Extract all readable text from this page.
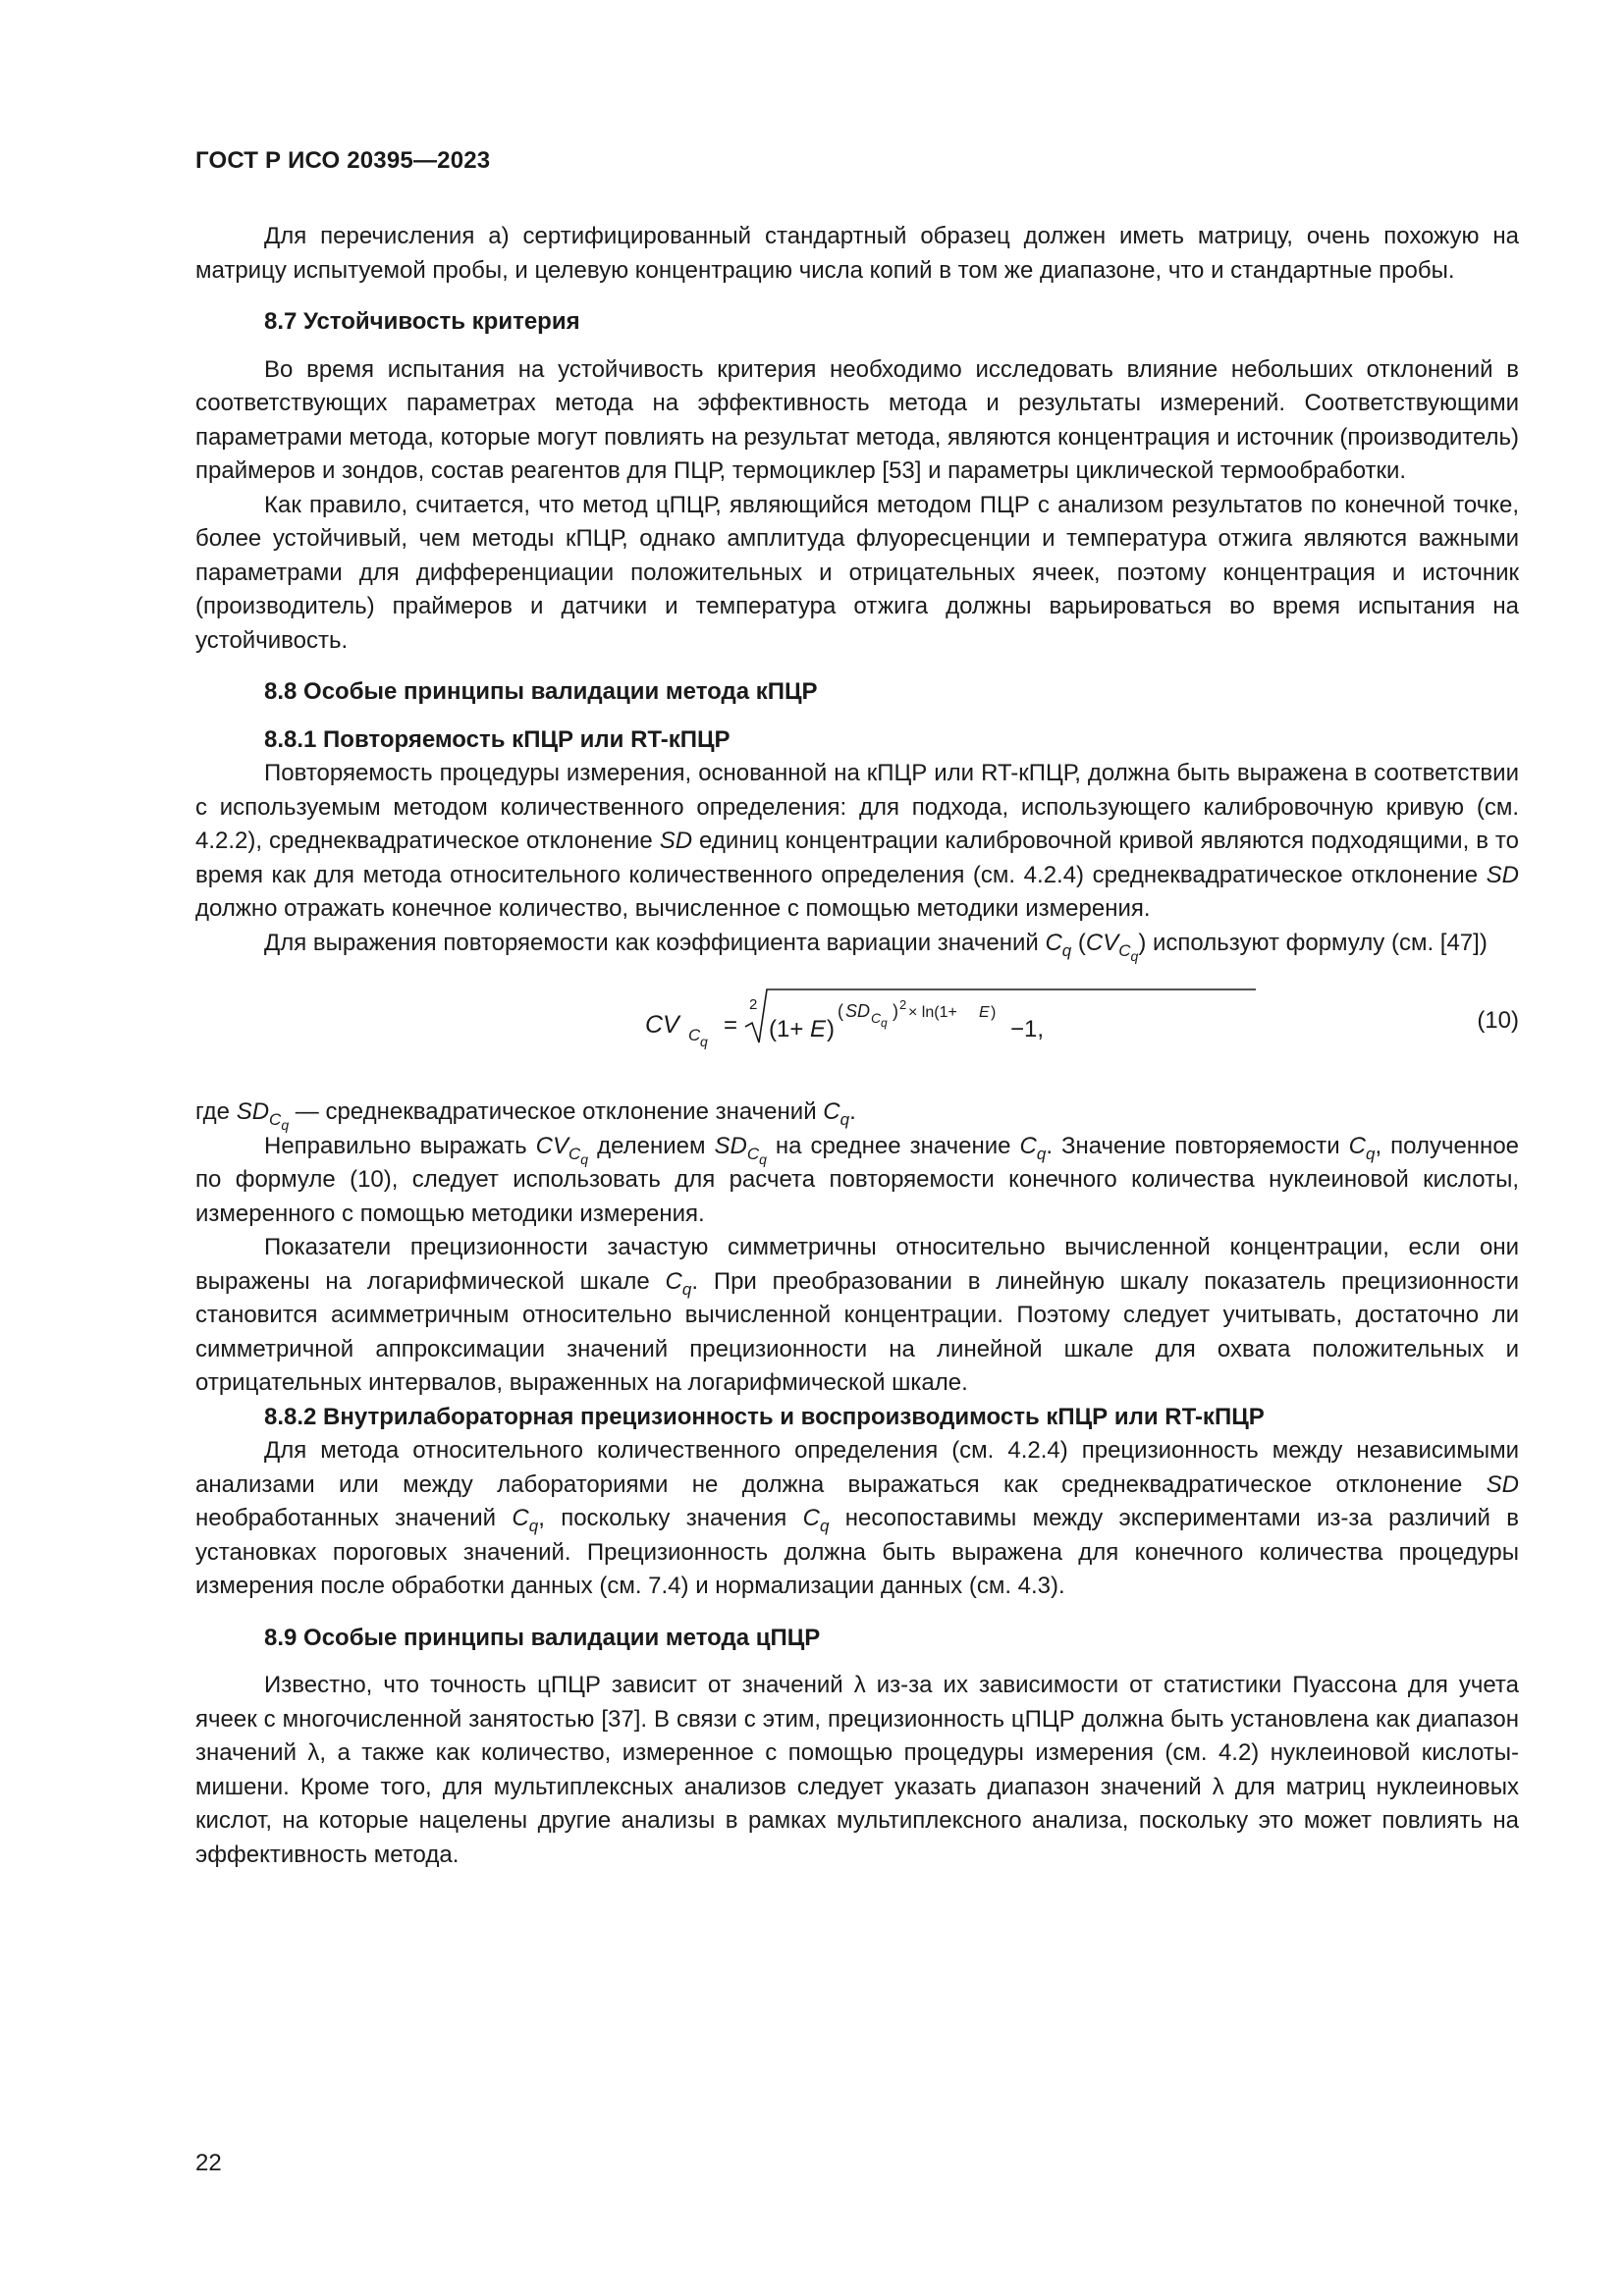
ГОСТ Р ИСО 20395—2023

Для перечисления а) сертифицированный стандартный образец должен иметь матрицу, очень похожую на матрицу испытуемой пробы, и целевую концентрацию числа копий в том же диапазоне, что и стандартные пробы.

8.7 Устойчивость критерия

Во время испытания на устойчивость критерия необходимо исследовать влияние небольших отклонений в соответствующих параметрах метода на эффективность метода и результаты измерений. Соответствующими параметрами метода, которые могут повлиять на результат метода, являются концентрация и источник (производитель) праймеров и зондов, состав реагентов для ПЦР, термоциклер [53] и параметры циклической термообработки.

Как правило, считается, что метод цПЦР, являющийся методом ПЦР с анализом результатов по конечной точке, более устойчивый, чем методы кПЦР, однако амплитуда флуоресценции и температура отжига являются важными параметрами для дифференциации положительных и отрицательных ячеек, поэтому концентрация и источник (производитель) праймеров и датчики и температура отжига должны варьироваться во время испытания на устойчивость.

8.8 Особые принципы валидации метода кПЦР
8.8.1 Повторяемость кПЦР или RT-кПЦР

Повторяемость процедуры измерения, основанной на кПЦР или RT-кПЦР, должна быть выражена в соответствии с используемым методом количественного определения: для подхода, использующего калибровочную кривую (см. 4.2.2), среднеквадратическое отклонение SD единиц концентрации калибровочной кривой являются подходящими, в то время как для метода относительного количественного определения (см. 4.2.4) среднеквадратическое отклонение SD должно отражать конечное количество, вычисленное с помощью методики измерения.

Для выражения повторяемости как коэффициента вариации значений $C_q$ $(CV_{C_q})$ используют формулу (см. [47])

CV C q
=
2
(1+ E )
( SD C q
) 2 × ln(1+ E )
−1,	(10)

где $SD_{C_q}$ — среднеквадратическое отклонение значений $C_q$.

Неправильно выражать $CV_{C_q}$ делением $SD_{C_q}$ на среднее значение $C_q$. Значение повторяемости $C_q$, полученное по формуле (10), следует использовать для расчета повторяемости конечного количества нуклеиновой кислоты, измеренного с помощью методики измерения.

Показатели прецизионности зачастую симметричны относительно вычисленной концентрации, если они выражены на логарифмической шкале $C_q$. При преобразовании в линейную шкалу показатель прецизионности становится асимметричным относительно вычисленной концентрации. Поэтому следует учитывать, достаточно ли симметричной аппроксимации значений прецизионности на линейной шкале для охвата положительных и отрицательных интервалов, выраженных на логарифмической шкале.

8.8.2 Внутрилабораторная прецизионность и воспроизводимость кПЦР или RT-кПЦР

Для метода относительного количественного определения (см. 4.2.4) прецизионность между независимыми анализами или между лабораториями не должна выражаться как среднеквадратическое отклонение SD необработанных значений $C_q$, поскольку значения $C_q$ несопоставимы между экспериментами из-за различий в установках пороговых значений. Прецизионность должна быть выражена для конечного количества процедуры измерения после обработки данных (см. 7.4) и нормализации данных (см. 4.3).

8.9 Особые принципы валидации метода цПЦР

Известно, что точность цПЦР зависит от значений λ из-за их зависимости от статистики Пуассона для учета ячеек с многочисленной занятостью [37]. В связи с этим, прецизионность цПЦР должна быть установлена как диапазон значений λ, а также как количество, измеренное с помощью процедуры измерения (см. 4.2) нуклеиновой кислоты-мишени. Кроме того, для мультиплексных анализов следует указать диапазон значений λ для матриц нуклеиновых кислот, на которые нацелены другие анализы в рамках мультиплексного анализа, поскольку это может повлиять на эффективность метода.

22
